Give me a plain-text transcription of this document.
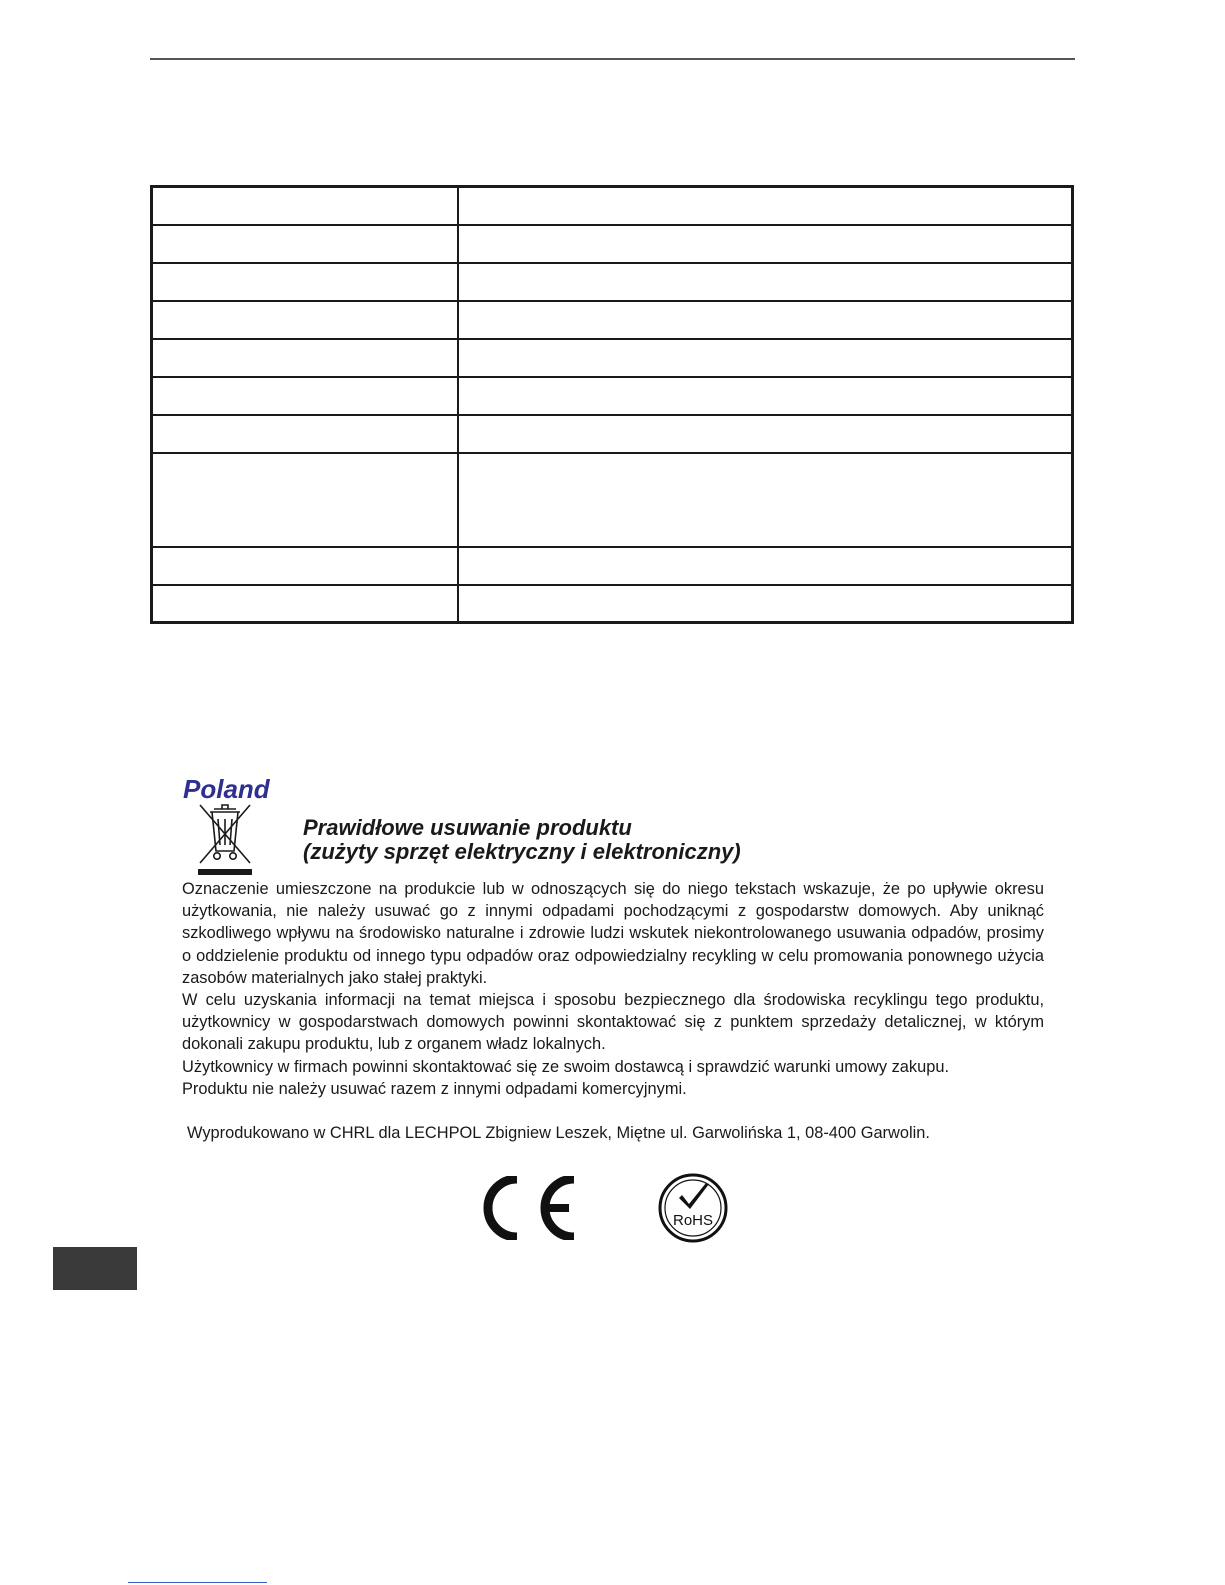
Poland
Prawidłowe usuwanie produktu
(zużyty sprzęt elektryczny i elektroniczny)

Oznaczenie umieszczone na produkcie lub w odnoszących się do niego tekstach wskazuje, że po upływie okresu użytkowania, nie należy usuwać go z innymi odpadami pochodzącymi z gospodarstw domowych. Aby uniknąć szkodliwego wpływu na środowisko naturalne i zdrowie ludzi wskutek niekontrolowanego usuwania odpadów, prosimy o oddzielenie produktu od innego typu odpadów oraz odpowiedzialny recykling w celu promowania ponownego użycia zasobów materialnych jako stałej praktyki.

W celu uzyskania informacji na temat miejsca i sposobu bezpiecznego dla środowiska recyklingu tego produktu, użytkownicy w gospodarstwach domowych powinni skontaktować się z punktem sprzedaży detalicznej, w którym dokonali zakupu produktu, lub z organem władz lokalnych.

Użytkownicy w firmach powinni skontaktować się ze swoim dostawcą i sprawdzić warunki umowy zakupu.

Produktu nie należy usuwać razem z innymi odpadami komercyjnymi.

Wyprodukowano w CHRL dla LECHPOL Zbigniew Leszek, Miętne ul. Garwolińska 1, 08-400 Garwolin.
RoHS
